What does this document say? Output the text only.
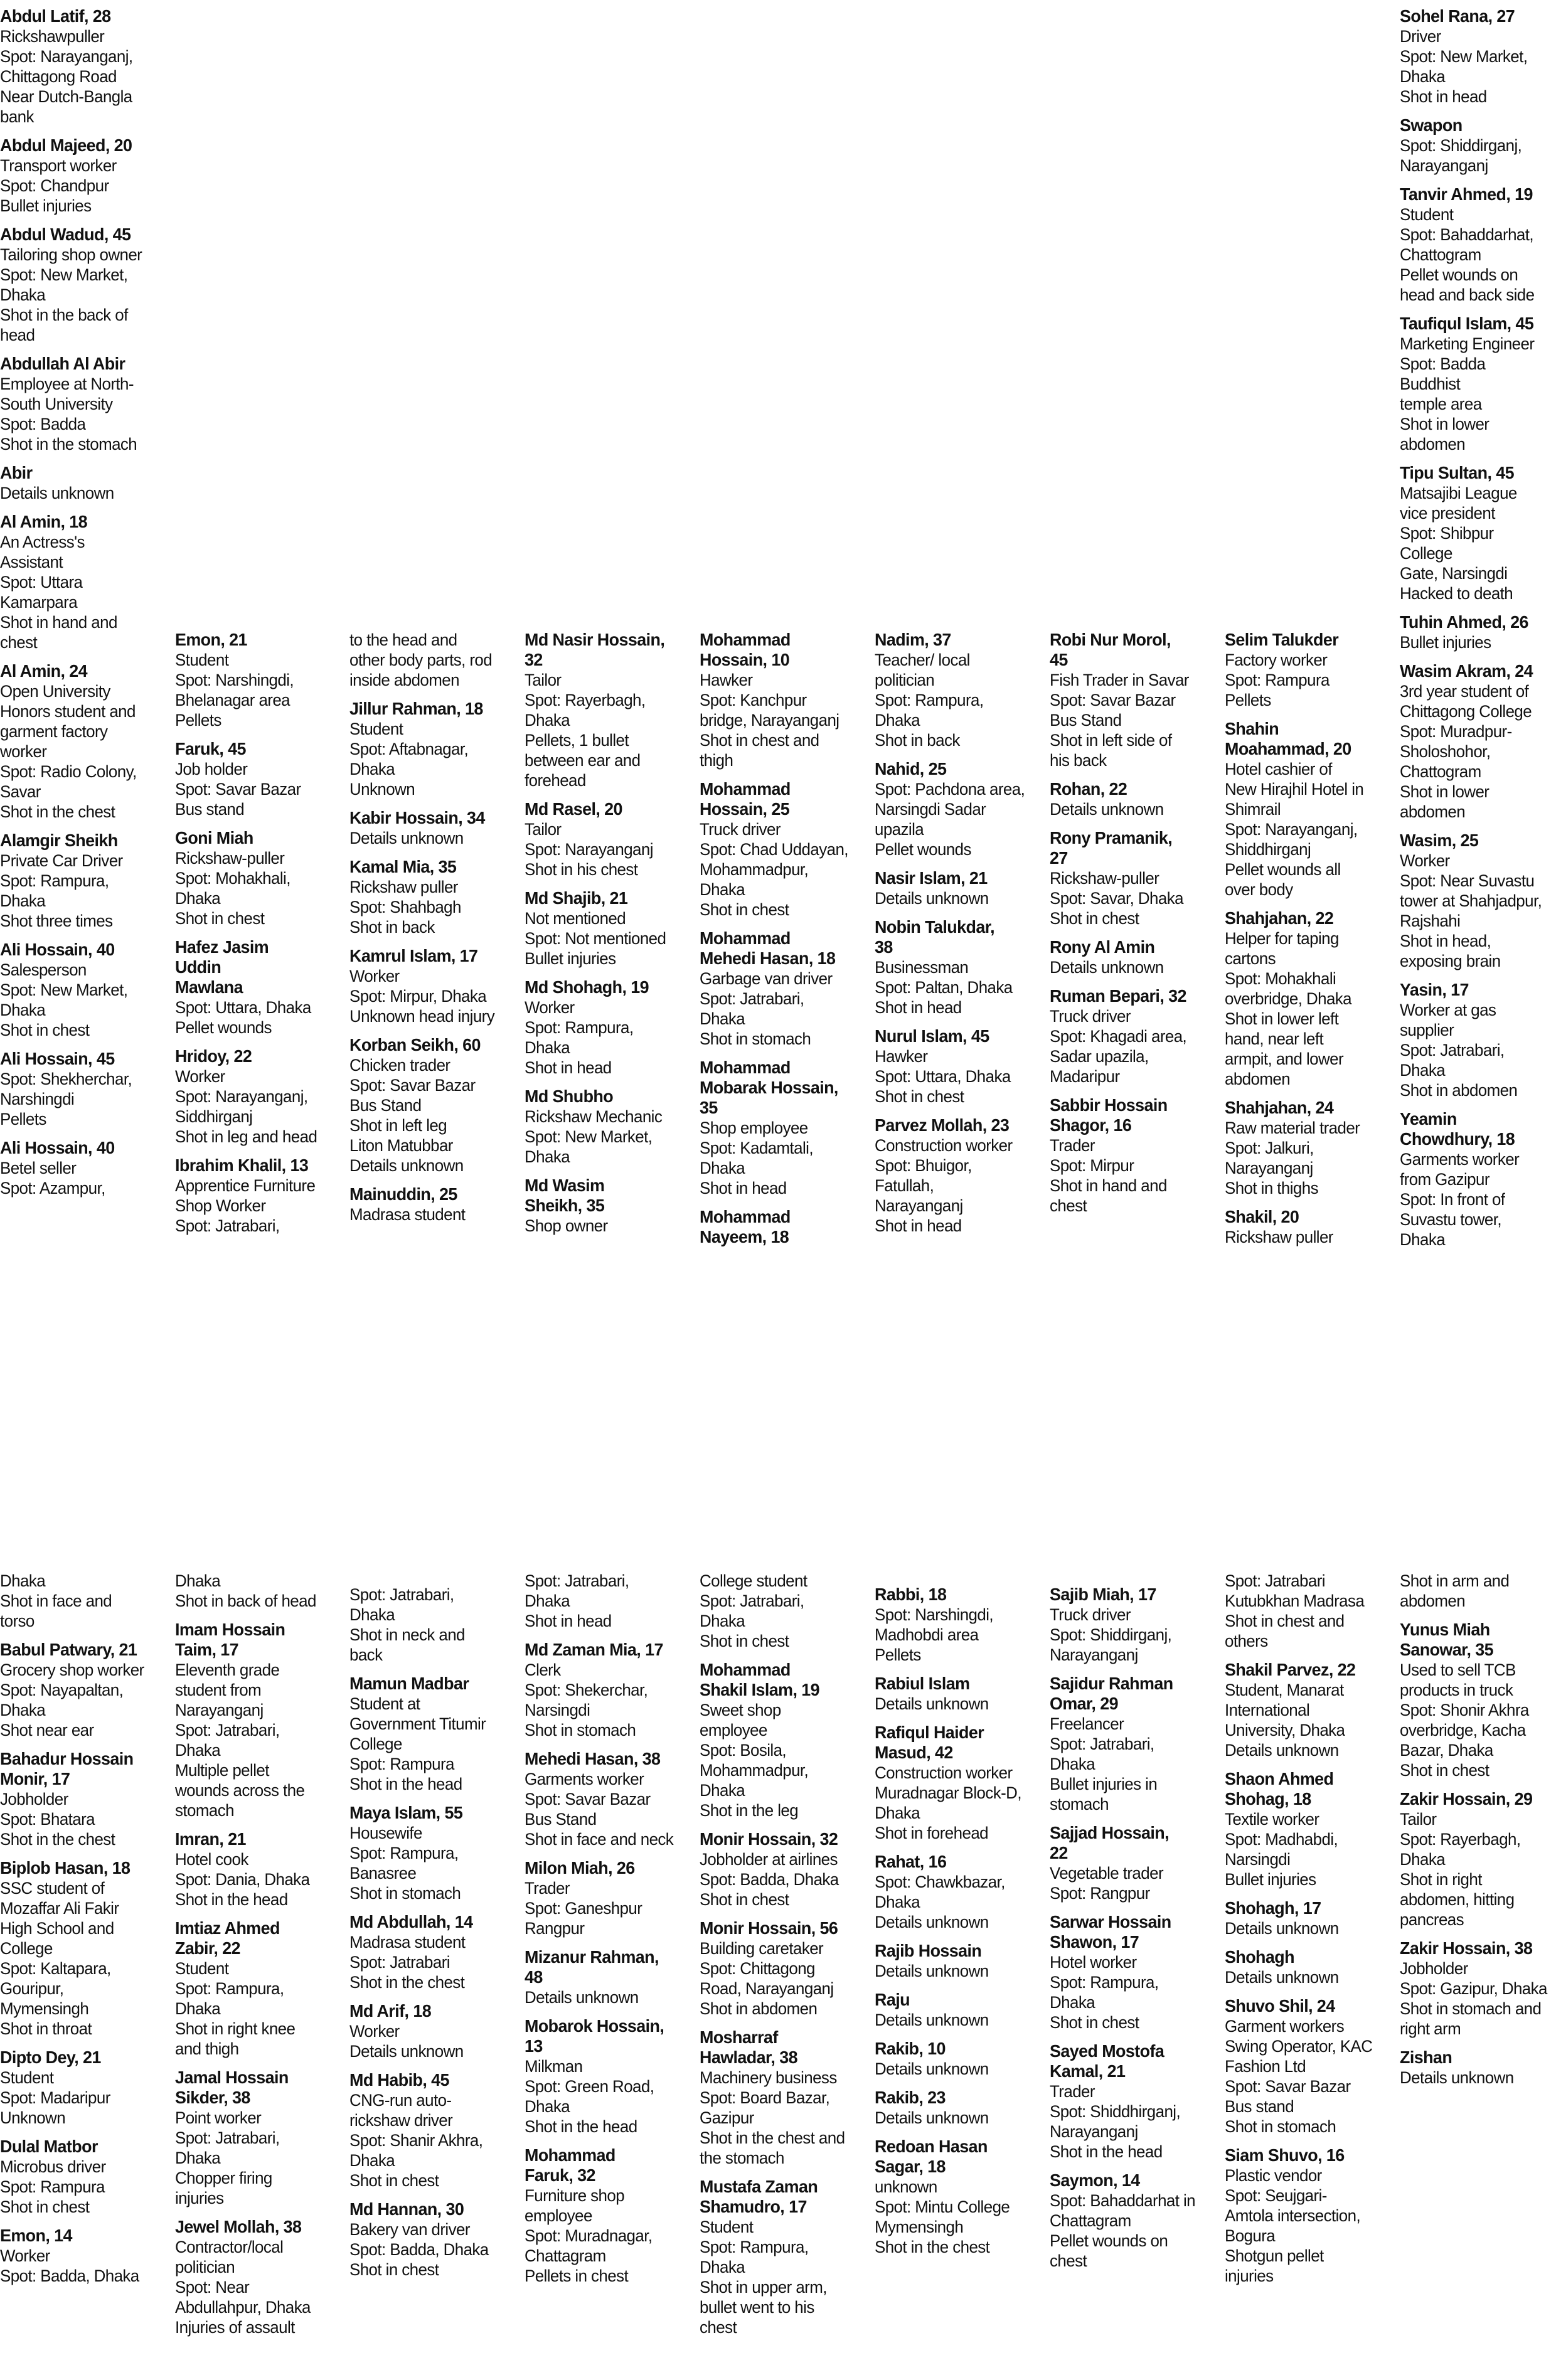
Abdul Latif, 28
Rickshawpuller
Spot: Narayanganj,
Chittagong Road
Near Dutch-Bangla
bank
Abdul Majeed, 20
Transport worker
Spot: Chandpur
Bullet injuries
Abdul Wadud, 45
Tailoring shop owner
Spot: New Market,
Dhaka
Shot in the back of
head
Abdullah Al Abir
Employee at North-
South University
Spot: Badda
Shot in the stomach
Abir
Details unknown
Al Amin, 18
An Actress's
Assistant
Spot: Uttara
Kamarpara
Shot in hand and
chest
Al Amin, 24
Open University
Honors student and
garment factory
worker
Spot: Radio Colony,
Savar
Shot in the chest
Alamgir Sheikh
Private Car Driver
Spot: Rampura,
Dhaka
Shot three times
Ali Hossain, 40
Salesperson
Spot: New Market,
Dhaka
Shot in chest
Ali Hossain, 45
Spot: Shekherchar,
Narshingdi
Pellets
Ali Hossain, 40
Betel seller
Spot: Azampur,
Emon, 21
Student
Spot: Narshingdi,
Bhelanagar area
Pellets
Faruk, 45
Job holder
Spot: Savar Bazar
Bus stand
Goni Miah
Rickshaw-puller
Spot: Mohakhali,
Dhaka
Shot in chest
Hafez Jasim
Uddin
Mawlana
Spot: Uttara, Dhaka
Pellet wounds
Hridoy, 22
Worker
Spot: Narayanganj,
Siddhirganj
Shot in leg and head
Ibrahim Khalil, 13
Apprentice Furniture
Shop Worker
Spot: Jatrabari,
to the head and
other body parts, rod
inside abdomen
Jillur Rahman, 18
Student
Spot: Aftabnagar,
Dhaka
Unknown
Kabir Hossain, 34
Details unknown
Kamal Mia, 35
Rickshaw puller
Spot: Shahbagh
Shot in back
Kamrul Islam, 17
Worker
Spot: Mirpur, Dhaka
Unknown head injury
Korban Seikh, 60
Chicken trader
Spot: Savar Bazar
Bus Stand
Shot in left leg
Liton Matubbar
Details unknown
Mainuddin, 25
Madrasa student
Md Nasir Hossain,
32
Tailor
Spot: Rayerbagh,
Dhaka
Pellets, 1 bullet
between ear and
forehead
Md Rasel, 20
Tailor
Spot: Narayanganj
Shot in his chest
Md Shajib, 21
Not mentioned
Spot: Not mentioned
Bullet injuries
Md Shohagh, 19
Worker
Spot: Rampura,
Dhaka
Shot in head
Md Shubho
Rickshaw Mechanic
Spot: New Market,
Dhaka
Md Wasim
Sheikh, 35
Shop owner
Mohammad
Hossain, 10
Hawker
Spot: Kanchpur
bridge, Narayanganj
Shot in chest and
thigh
Mohammad
Hossain, 25
Truck driver
Spot: Chad Uddayan,
Mohammadpur,
Dhaka
Shot in chest
Mohammad
Mehedi Hasan, 18
Garbage van driver
Spot: Jatrabari,
Dhaka
Shot in stomach
Mohammad
Mobarak Hossain,
35
Shop employee
Spot: Kadamtali,
Dhaka
Shot in head
Mohammad
Nayeem, 18
Nadim, 37
Teacher/ local
politician
Spot: Rampura,
Dhaka
Shot in back
Nahid, 25
Spot: Pachdona area,
Narsingdi Sadar
upazila
Pellet wounds
Nasir Islam, 21
Details unknown
Nobin Talukdar,
38
Businessman
Spot: Paltan, Dhaka
Shot in head
Nurul Islam, 45
Hawker
Spot: Uttara, Dhaka
Shot in chest
Parvez Mollah, 23
Construction worker
Spot: Bhuigor,
Fatullah,
Narayanganj
Shot in head
Robi Nur Morol,
45
Fish Trader in Savar
Spot: Savar Bazar
Bus Stand
Shot in left side of
his back
Rohan, 22
Details unknown
Rony Pramanik,
27
Rickshaw-puller
Spot: Savar, Dhaka
Shot in chest
Rony Al Amin
Details unknown
Ruman Bepari, 32
Truck driver
Spot: Khagadi area,
Sadar upazila,
Madaripur
Sabbir Hossain
Shagor, 16
Trader
Spot: Mirpur
Shot in hand and
chest
Selim Talukder
Factory worker
Spot: Rampura
Pellets
Shahin
Moahammad, 20
Hotel cashier of
New Hirajhil Hotel in
Shimrail
Spot: Narayanganj,
Shiddhirganj
Pellet wounds all
over body
Shahjahan, 22
Helper for taping
cartons
Spot: Mohakhali
overbridge, Dhaka
Shot in lower left
hand, near left
armpit, and lower
abdomen
Shahjahan, 24
Raw material trader
Spot: Jalkuri,
Narayanganj
Shot in thighs
Shakil, 20
Rickshaw puller
Sohel Rana, 27
Driver
Spot: New Market,
Dhaka
Shot in head
Swapon
Spot: Shiddirganj,
Narayanganj
Tanvir Ahmed, 19
Student
Spot: Bahaddarhat,
Chattogram
Pellet wounds on
head and back side
Taufiqul Islam, 45
Marketing Engineer
Spot: Badda Buddhist
temple area
Shot in lower
abdomen
Tipu Sultan, 45
Matsajibi League
vice president
Spot: Shibpur College
Gate, Narsingdi
Hacked to death
Tuhin Ahmed, 26
Bullet injuries
Wasim Akram, 24
3rd year student of
Chittagong College
Spot: Muradpur-
Sholoshohor,
Chattogram
Shot in lower
abdomen
Wasim, 25
Worker
Spot: Near Suvastu
tower at Shahjadpur,
Rajshahi
Shot in head,
exposing brain
Yasin, 17
Worker at gas
supplier
Spot: Jatrabari,
Dhaka
Shot in abdomen
Yeamin
Chowdhury, 18
Garments worker
from Gazipur
Spot: In front of
Suvastu tower,
Dhaka
Dhaka
Shot in face and
torso
Babul Patwary, 21
Grocery shop worker
Spot: Nayapaltan,
Dhaka
Shot near ear
Bahadur Hossain
Monir, 17
Jobholder
Spot: Bhatara
Shot in the chest
Biplob Hasan, 18
SSC student of
Mozaffar Ali Fakir
High School and
College
Spot: Kaltapara,
Gouripur,
Mymensingh
Shot in throat
Dipto Dey, 21
Student
Spot: Madaripur
Unknown
Dulal Matbor
Microbus driver
Spot: Rampura
Shot in chest
Emon, 14
Worker
Spot: Badda, Dhaka
Dhaka
Shot in back of head
Imam Hossain
Taim, 17
Eleventh grade
student from
Narayanganj
Spot: Jatrabari,
Dhaka
Multiple pellet
wounds across the
stomach
Imran, 21
Hotel cook
Spot: Dania, Dhaka
Shot in the head
Imtiaz Ahmed
Zabir, 22
Student
Spot: Rampura,
Dhaka
Shot in right knee
and thigh
Jamal Hossain
Sikder, 38
Point worker
Spot: Jatrabari,
Dhaka
Chopper firing
injuries
Jewel Mollah, 38
Contractor/local
politician
Spot: Near
Abdullahpur, Dhaka
Injuries of assault
Spot: Jatrabari,
Dhaka
Shot in neck and
back
Mamun Madbar
Student at
Government Titumir
College
Spot: Rampura
Shot in the head
Maya Islam, 55
Housewife
Spot: Rampura,
Banasree
Shot in stomach
Md Abdullah, 14
Madrasa student
Spot: Jatrabari
Shot in the chest
Md Arif, 18
Worker
Details unknown
Md Habib, 45
CNG-run auto-
rickshaw driver
Spot: Shanir Akhra,
Dhaka
Shot in chest
Md Hannan, 30
Bakery van driver
Spot: Badda, Dhaka
Shot in chest
Spot: Jatrabari,
Dhaka
Shot in head
Md Zaman Mia, 17
Clerk
Spot: Shekerchar,
Narsingdi
Shot in stomach
Mehedi Hasan, 38
Garments worker
Spot: Savar Bazar
Bus Stand
Shot in face and neck
Milon Miah, 26
Trader
Spot: Ganeshpur
Rangpur
Mizanur Rahman,
48
Details unknown
Mobarok Hossain,
13
Milkman
Spot: Green Road,
Dhaka
Shot in the head
Mohammad
Faruk, 32
Furniture shop
employee
Spot: Muradnagar,
Chattagram
Pellets in chest
College student
Spot: Jatrabari,
Dhaka
Shot in chest
Mohammad
Shakil Islam, 19
Sweet shop
employee
Spot: Bosila,
Mohammadpur,
Dhaka
Shot in the leg
Monir Hossain, 32
Jobholder at airlines
Spot: Badda, Dhaka
Shot in chest
Monir Hossain, 56
Building caretaker
Spot: Chittagong
Road, Narayanganj
Shot in abdomen
Mosharraf
Hawladar, 38
Machinery business
Spot: Board Bazar,
Gazipur
Shot in the chest and
the stomach
Mustafa Zaman
Shamudro, 17
Student
Spot: Rampura,
Dhaka
Shot in upper arm,
bullet went to his
chest
Rabbi, 18
Spot: Narshingdi,
Madhobdi area
Pellets
Rabiul Islam
Details unknown
Rafiqul Haider
Masud, 42
Construction worker
Muradnagar Block-D,
Dhaka
Shot in forehead
Rahat, 16
Spot: Chawkbazar,
Dhaka
Details unknown
Rajib Hossain
Details unknown
Raju
Details unknown
Rakib, 10
Details unknown
Rakib, 23
Details unknown
Redoan Hasan
Sagar, 18
unknown
Spot: Mintu College
Mymensingh
Shot in the chest
Sajib Miah, 17
Truck driver
Spot: Shiddirganj,
Narayanganj
Sajidur Rahman
Omar, 29
Freelancer
Spot: Jatrabari,
Dhaka
Bullet injuries in
stomach
Sajjad Hossain,
22
Vegetable trader
Spot: Rangpur
Sarwar Hossain
Shawon, 17
Hotel worker
Spot: Rampura,
Dhaka
Shot in chest
Sayed Mostofa
Kamal, 21
Trader
Spot: Shiddhirganj,
Narayanganj
Shot in the head
Saymon, 14
Spot: Bahaddarhat in
Chattagram
Pellet wounds on
chest
Spot: Jatrabari
Kutubkhan Madrasa
Shot in chest and
others
Shakil Parvez, 22
Student, Manarat
International
University, Dhaka
Details unknown
Shaon Ahmed
Shohag, 18
Textile worker
Spot: Madhabdi,
Narsingdi
Bullet injuries
Shohagh, 17
Details unknown
Shohagh
Details unknown
Shuvo Shil, 24
Garment workers
Swing Operator, KAC
Fashion Ltd
Spot: Savar Bazar
Bus stand
Shot in stomach
Siam Shuvo, 16
Plastic vendor
Spot: Seujgari-
Amtola intersection,
Bogura
Shotgun pellet
injuries
Shot in arm and
abdomen
Yunus Miah
Sanowar, 35
Used to sell TCB
products in truck
Spot: Shonir Akhra
overbridge, Kacha
Bazar, Dhaka
Shot in chest
Zakir Hossain, 29
Tailor
Spot: Rayerbagh,
Dhaka
Shot in right
abdomen, hitting
pancreas
Zakir Hossain, 38
Jobholder
Spot: Gazipur, Dhaka
Shot in stomach and
right arm
Zishan
Details unknown
